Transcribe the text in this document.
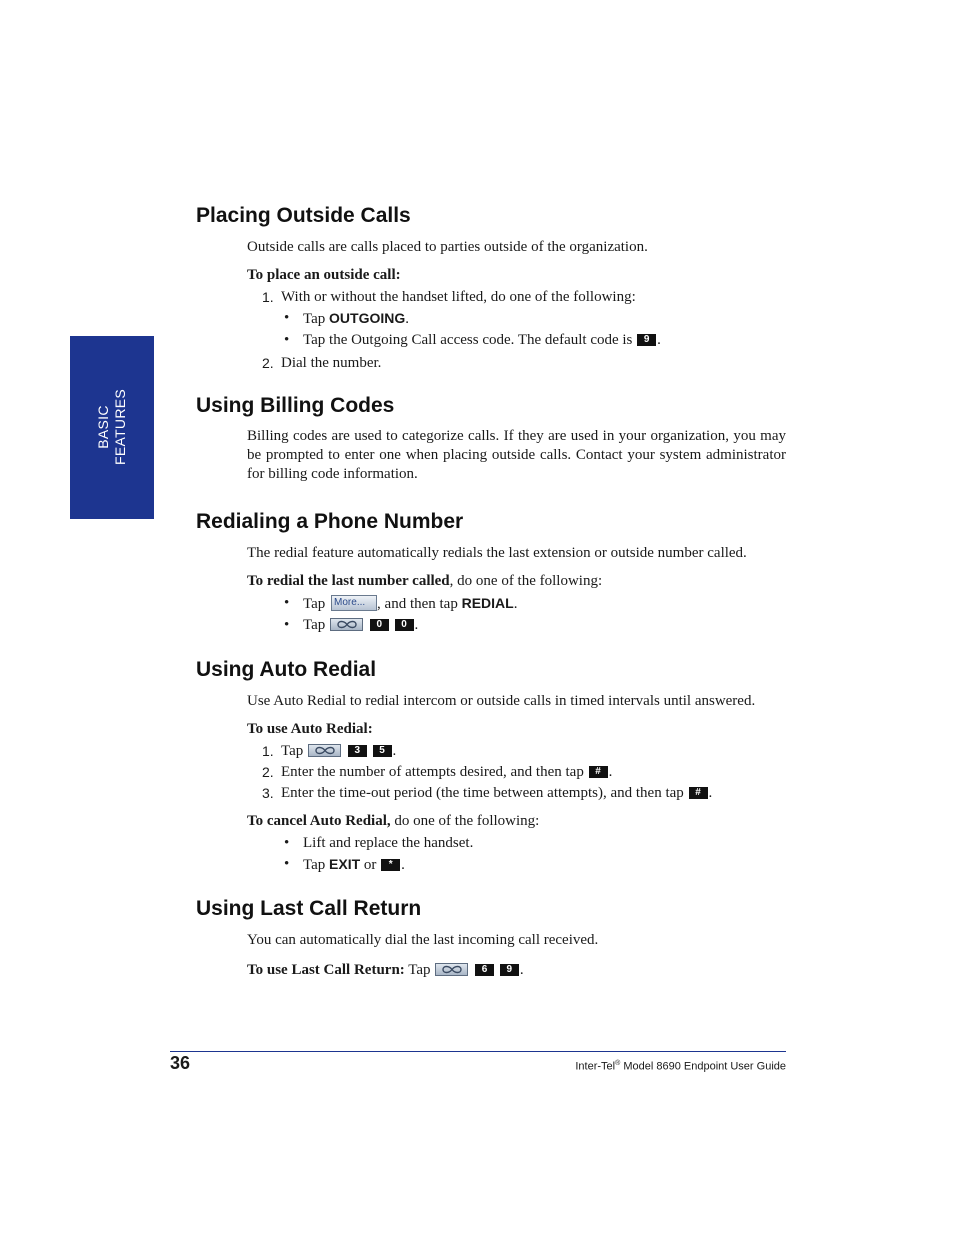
BASIC FEATURES
Placing Outside Calls

Outside calls are calls placed to parties outside of the organization.

To place an outside call:

1. With or without the handset lifted, do one of the following:
• Tap OUTGOING.
• Tap the Outgoing Call access code. The default code is 9 .
2. Dial the number.
Using Billing Codes

Billing codes are used to categorize calls. If they are used in your organization, you may be prompted to enter one when placing outside calls. Contact your system administrator for billing code information.

Redialing a Phone Number

The redial feature automatically redials the last extension or outside number called.

To redial the last number called, do one of the following:

• Tap More... , and then tap REDIAL.
• Tap	0 0 .
Using Auto Redial

Use Auto Redial to redial intercom or outside calls in timed intervals until answered.

To use Auto Redial:

1. Tap	3 5 .
2. Enter the number of attempts desired, and then tap # .
3. Enter the time-out period (the time between attempts), and then tap # .

To cancel Auto Redial, do one of the following:

• Lift and replace the handset.
• Tap EXIT or * .
Using Last Call Return

You can automatically dial the last incoming call received.

To use Last Call Return: Tap	6 9 .

36	Inter-Tel® Model 8690 Endpoint User Guide
